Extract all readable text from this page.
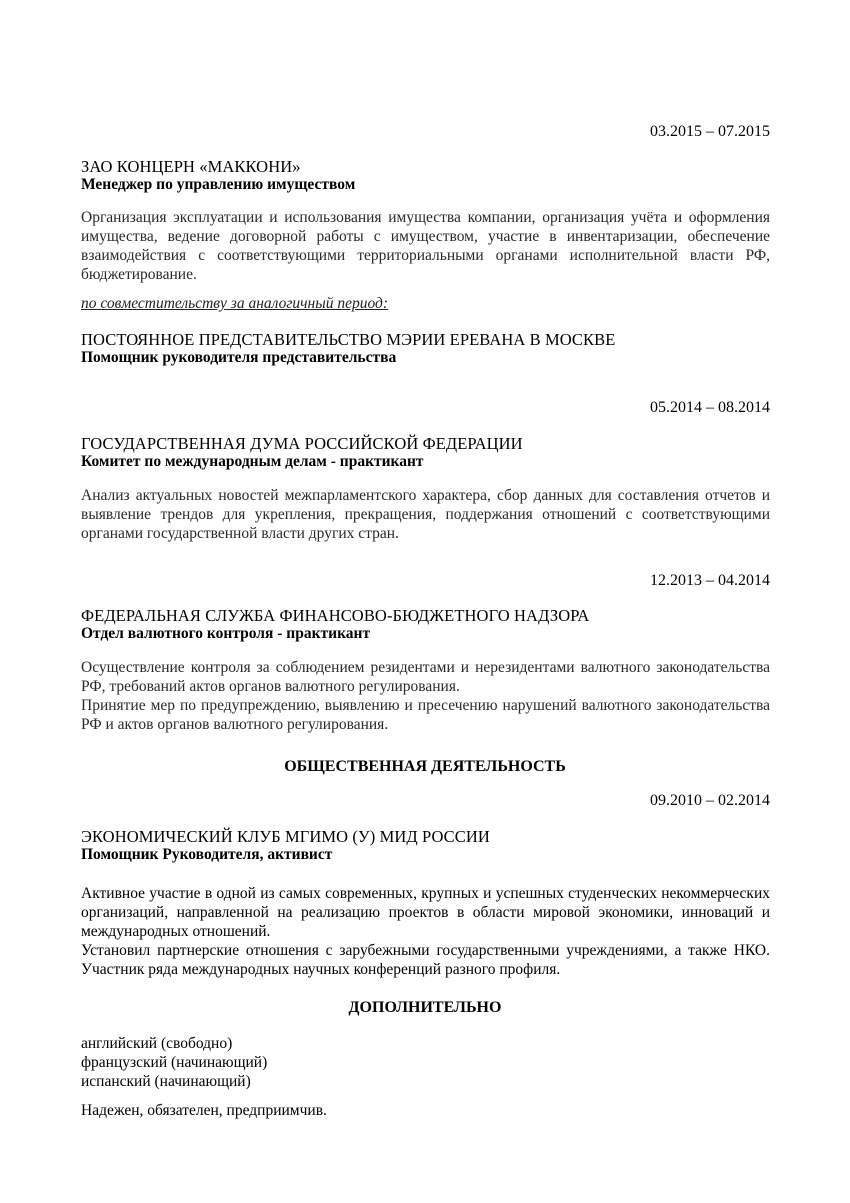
03.2015 – 07.2015
ЗАО КОНЦЕРН «МАККОНИ»
Менеджер по управлению имуществом

Организация эксплуатации и использования имущества компании, организация учёта и оформления имущества, ведение договорной работы с имуществом, участие в инвентаризации, обеспечение взаимодействия с соответствующими территориальными органами исполнительной власти РФ, бюджетирование.

по совместительству за аналогичный период:
ПОСТОЯННОЕ ПРЕДСТАВИТЕЛЬСТВО МЭРИИ ЕРЕВАНА В МОСКВЕ
Помощник руководителя представительства
05.2014 – 08.2014
ГОСУДАРСТВЕННАЯ ДУМА РОССИЙСКОЙ ФЕДЕРАЦИИ
Комитет по международным делам - практикант

Анализ актуальных новостей межпарламентского характера, сбор данных для составления отчетов и выявление трендов для укрепления, прекращения, поддержания отношений с соответствующими органами государственной власти других стран.

12.2013 – 04.2014
ФЕДЕРАЛЬНАЯ СЛУЖБА ФИНАНСОВО-БЮДЖЕТНОГО НАДЗОРА
Отдел валютного контроля - практикант

Осуществление контроля за соблюдением резидентами и нерезидентами валютного законодательства РФ, требований актов органов валютного регулирования.

Принятие мер по предупреждению, выявлению и пресечению нарушений валютного законодательства РФ и актов органов валютного регулирования.

ОБЩЕСТВЕННАЯ ДЕЯТЕЛЬНОСТЬ
09.2010 – 02.2014
ЭКОНОМИЧЕСКИЙ КЛУБ МГИМО (У) МИД РОССИИ
Помощник Руководителя, активист

Активное участие в одной из самых современных, крупных и успешных студенческих некоммерческих организаций, направленной на реализацию проектов в области мировой экономики, инноваций и международных отношений.

Установил партнерские отношения с зарубежными государственными учреждениями, а также НКО. Участник ряда международных научных конференций разного профиля.

ДОПОЛНИТЕЛЬНО
английский (свободно)
французский (начинающий)
испанский (начинающий)
Надежен, обязателен, предприимчив.
